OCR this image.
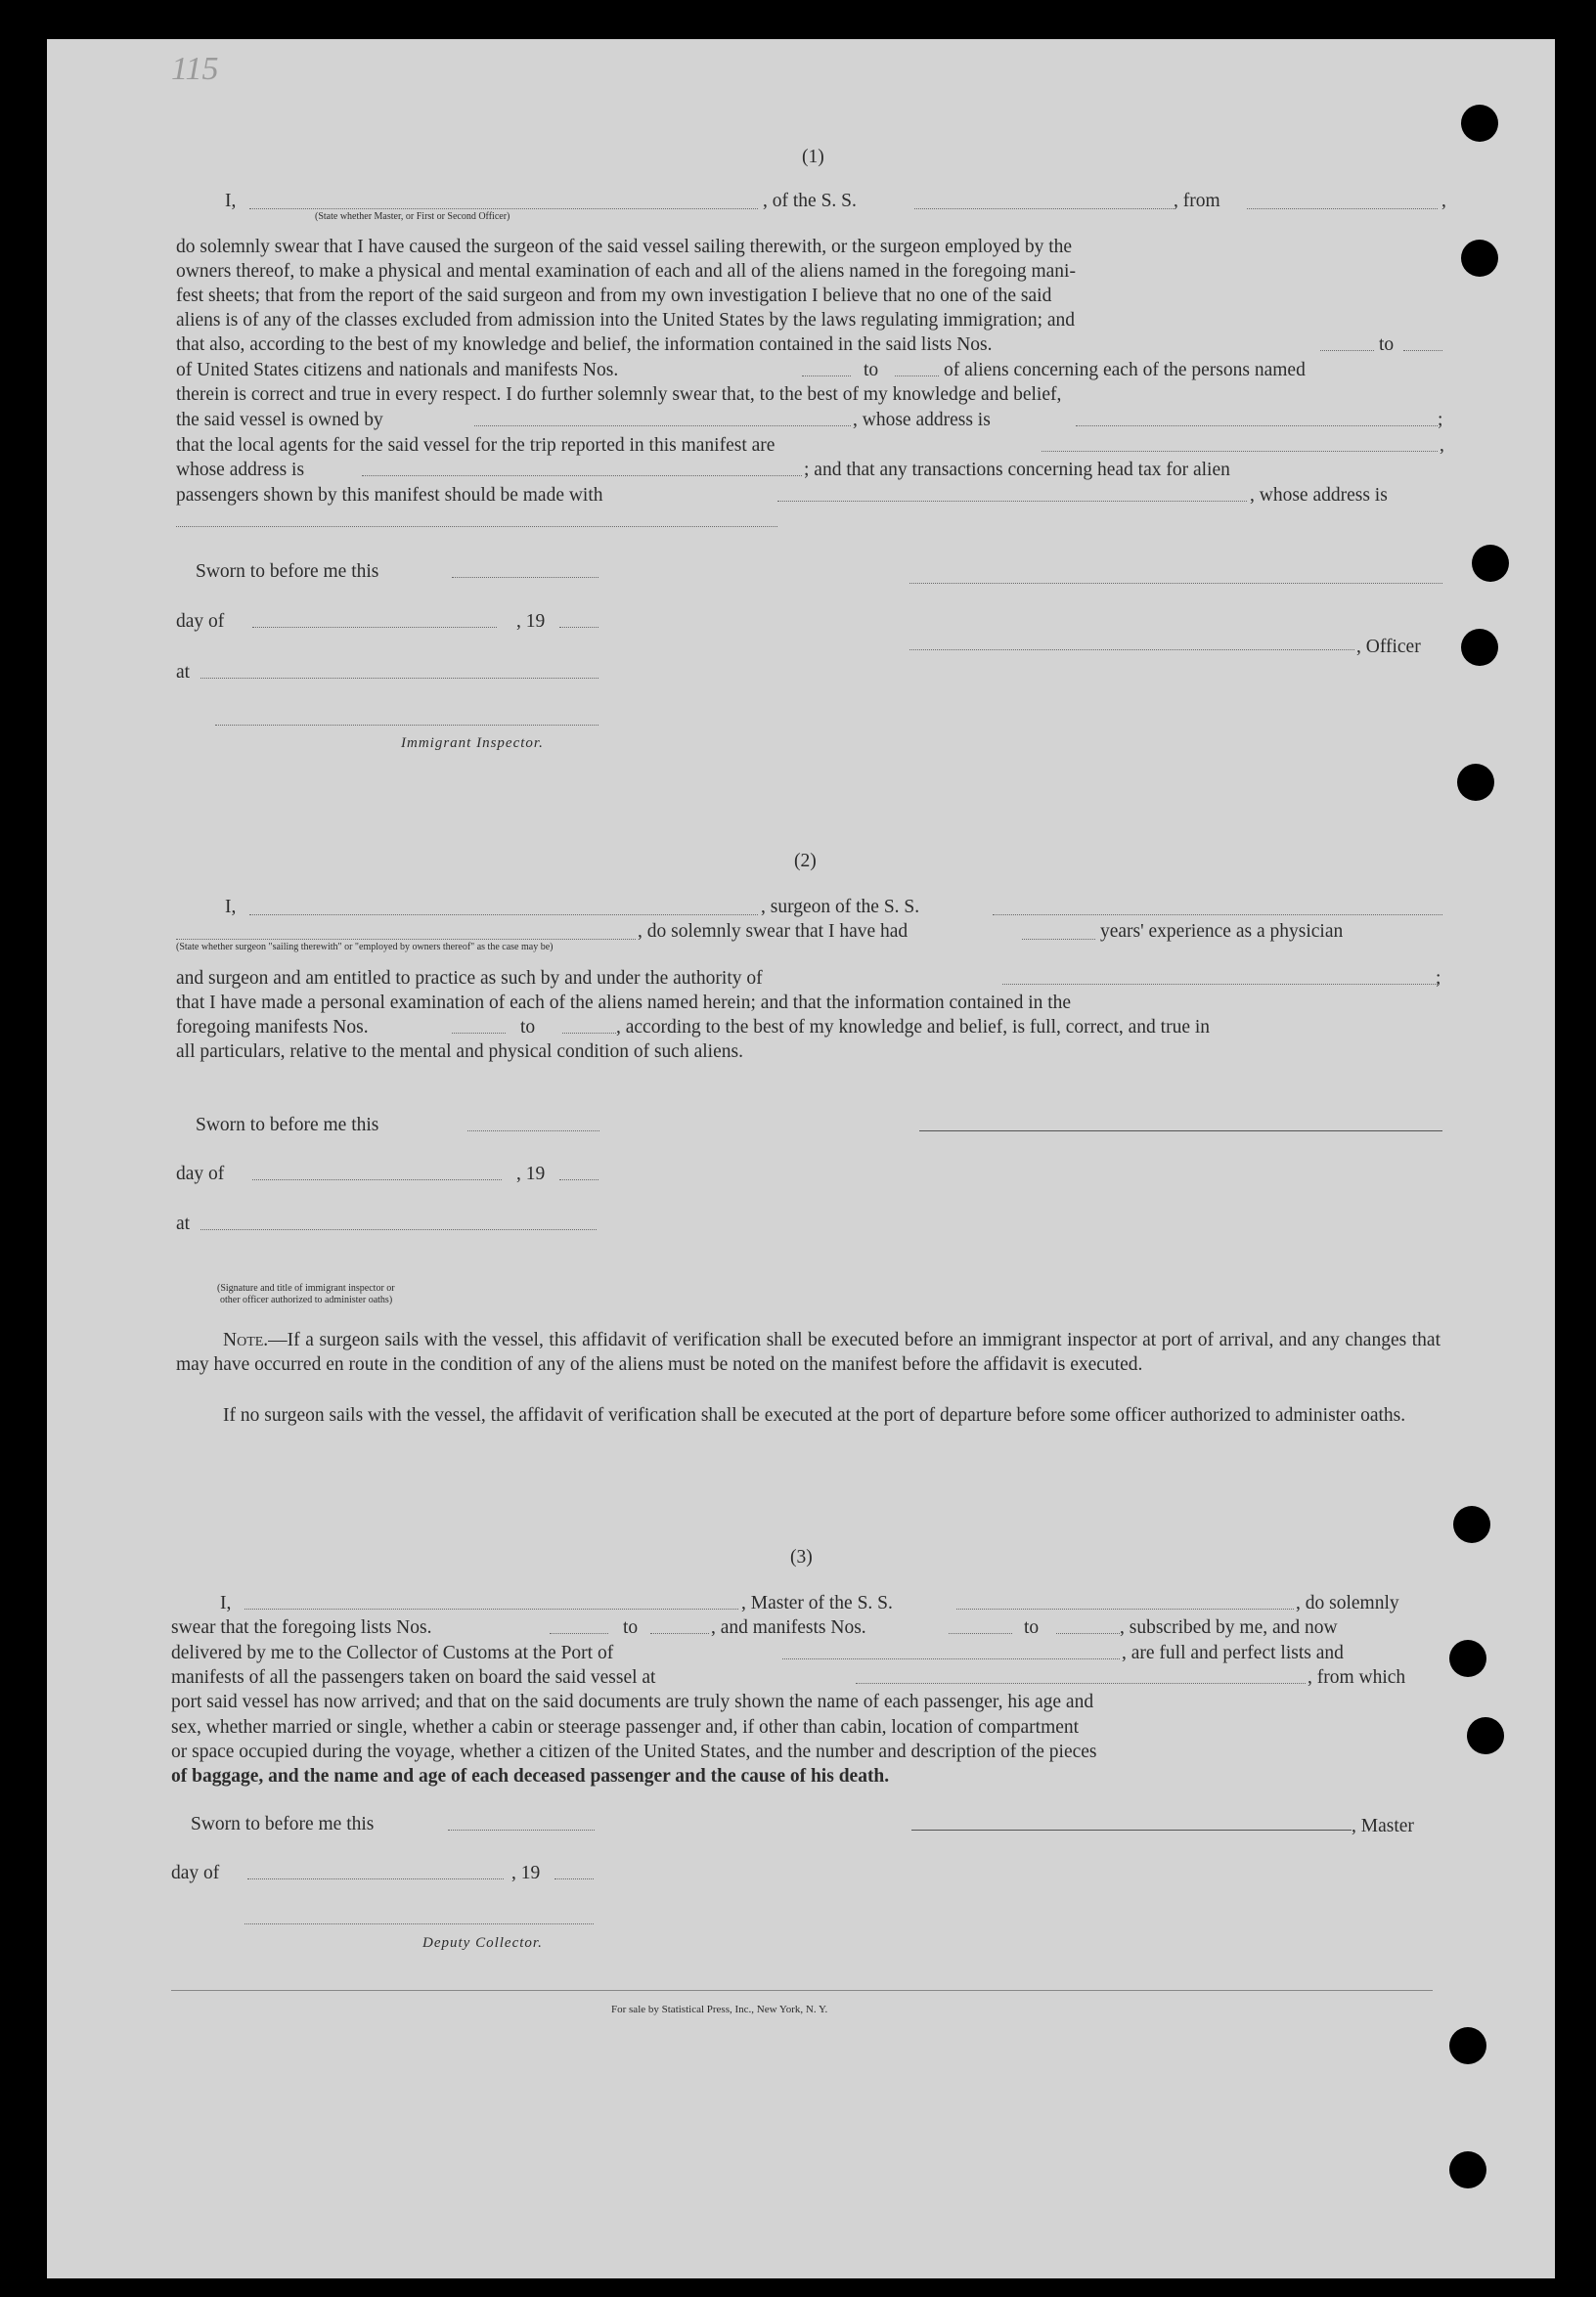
115
(1)
I,	, of the S. S.	, from	,
(State whether Master, or First or Second Officer)
do solemnly swear that I have caused the surgeon of the said vessel sailing therewith, or the surgeon employed by the
owners thereof, to make a physical and mental examination of each and all of the aliens named in the foregoing mani-
fest sheets; that from the report of the said surgeon and from my own investigation I believe that no one of the said
aliens is of any of the classes excluded from admission into the United States by the laws regulating immigration; and
that also, according to the best of my knowledge and belief, the information contained in the said lists Nos.	to
of United States citizens and nationals and manifests Nos.	to	of aliens concerning each of the persons named
therein is correct and true in every respect. I do further solemnly swear that, to the best of my knowledge and belief,
the said vessel is owned by	, whose address is	;
that the local agents for the said vessel for the trip reported in this manifest are	,
whose address is	; and that any transactions concerning head tax for alien
passengers shown by this manifest should be made with	, whose address is
Sworn to before me this
day of	, 19
, Officer
at
Immigrant Inspector.
(2)
I,	, surgeon of the S. S.
, do solemnly swear that I have had	years' experience as a physician
(State whether surgeon "sailing therewith" or "employed by owners thereof" as the case may be)
and surgeon and am entitled to practice as such by and under the authority of	;
that I have made a personal examination of each of the aliens named herein; and that the information contained in the
foregoing manifests Nos.	to	, according to the best of my knowledge and belief, is full, correct, and true in
all particulars, relative to the mental and physical condition of such aliens.
Sworn to before me this
day of	, 19
at
(Signature and title of immigrant inspector or
other officer authorized to administer oaths)
Note.—If a surgeon sails with the vessel, this affidavit of verification shall be executed before an immigrant inspector at port of arrival, and any changes that may have occurred en route in the condition of any of the aliens must be noted on the manifest before the affidavit is executed.
If no surgeon sails with the vessel, the affidavit of verification shall be executed at the port of departure before some officer authorized to administer oaths.
(3)
I,	, Master of the S. S.	, do solemnly
swear that the foregoing lists Nos.	to	, and manifests Nos.	to	, subscribed by me, and now
delivered by me to the Collector of Customs at the Port of	, are full and perfect lists and
manifests of all the passengers taken on board the said vessel at	, from which
port said vessel has now arrived; and that on the said documents are truly shown the name of each passenger, his age and
sex, whether married or single, whether a cabin or steerage passenger and, if other than cabin, location of compartment
or space occupied during the voyage, whether a citizen of the United States, and the number and description of the pieces
of baggage, and the name and age of each deceased passenger and the cause of his death.
Sworn to before me this	, Master
day of	, 19
Deputy Collector.
For sale by Statistical Press, Inc., New York, N. Y.
